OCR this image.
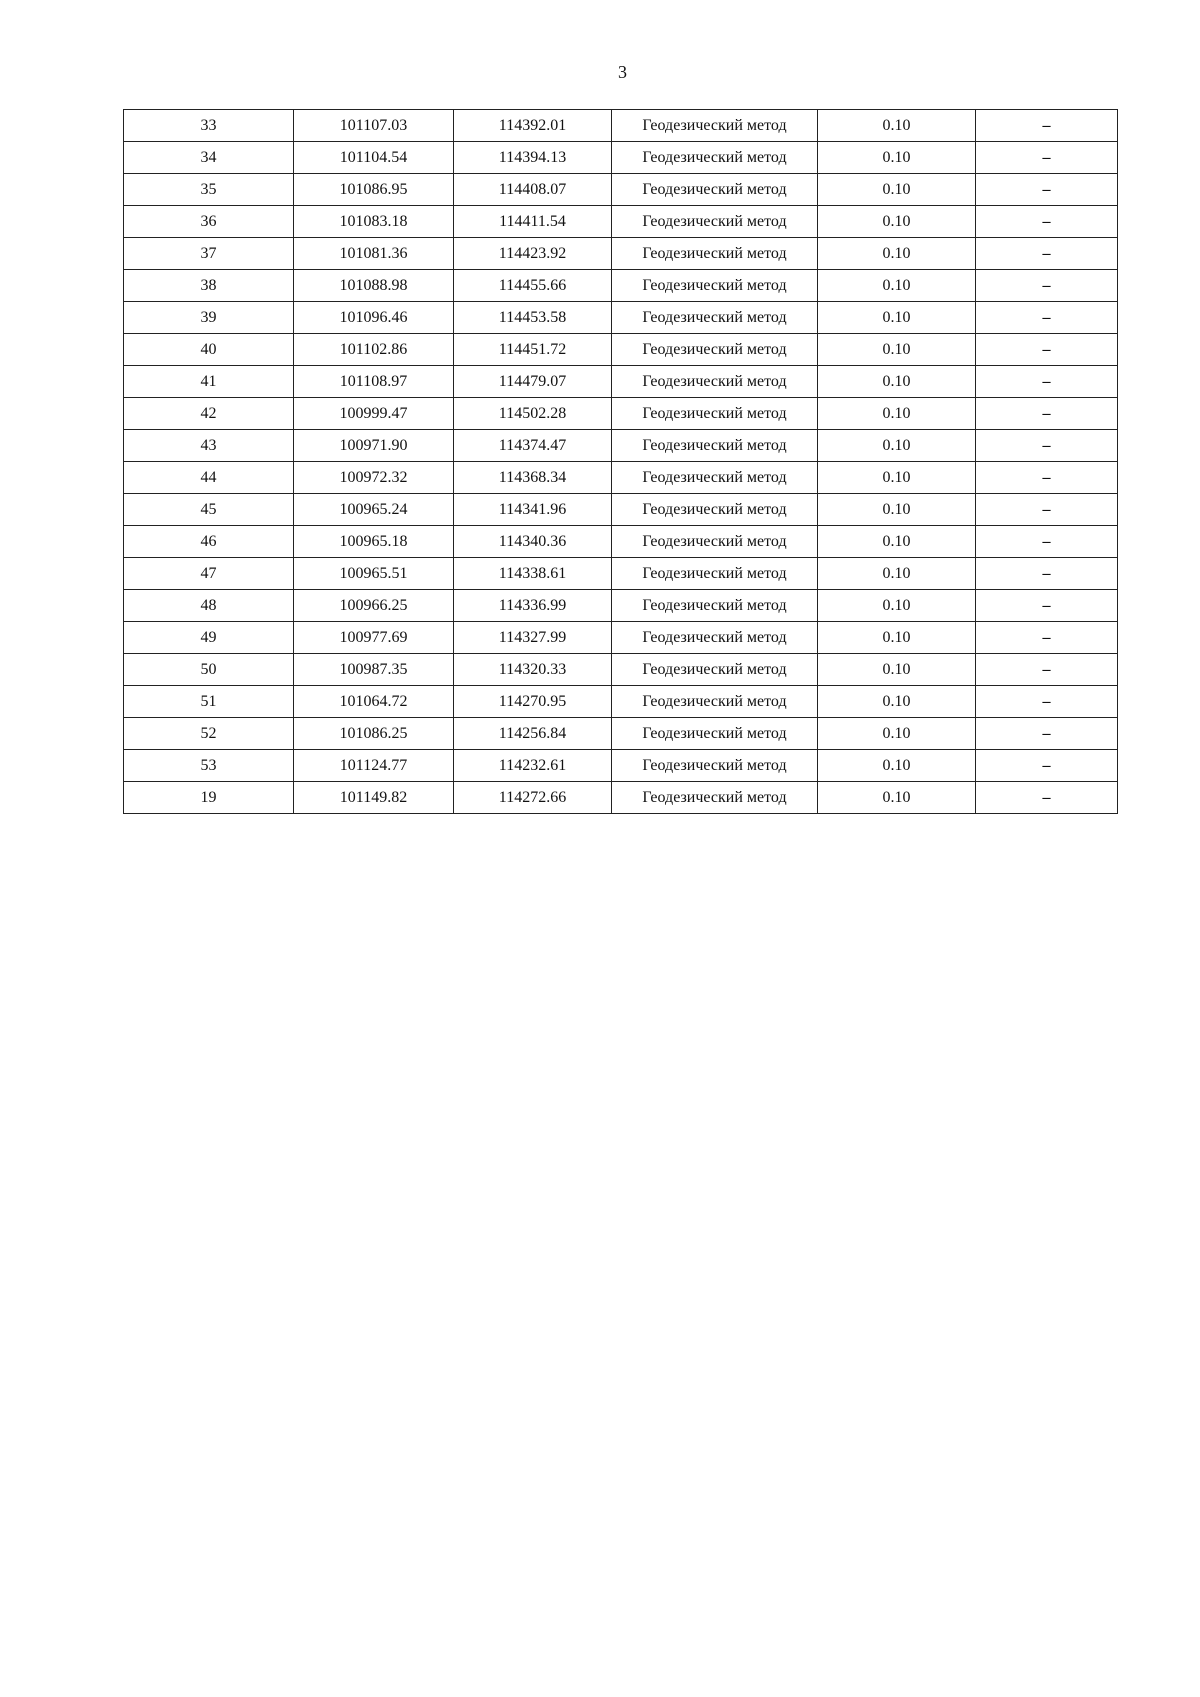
3
33	101107.03	114392.01	Геодезический метод	0.10	–
34	101104.54	114394.13	Геодезический метод	0.10	–
35	101086.95	114408.07	Геодезический метод	0.10	–
36	101083.18	114411.54	Геодезический метод	0.10	–
37	101081.36	114423.92	Геодезический метод	0.10	–
38	101088.98	114455.66	Геодезический метод	0.10	–
39	101096.46	114453.58	Геодезический метод	0.10	–
40	101102.86	114451.72	Геодезический метод	0.10	–
41	101108.97	114479.07	Геодезический метод	0.10	–
42	100999.47	114502.28	Геодезический метод	0.10	–
43	100971.90	114374.47	Геодезический метод	0.10	–
44	100972.32	114368.34	Геодезический метод	0.10	–
45	100965.24	114341.96	Геодезический метод	0.10	–
46	100965.18	114340.36	Геодезический метод	0.10	–
47	100965.51	114338.61	Геодезический метод	0.10	–
48	100966.25	114336.99	Геодезический метод	0.10	–
49	100977.69	114327.99	Геодезический метод	0.10	–
50	100987.35	114320.33	Геодезический метод	0.10	–
51	101064.72	114270.95	Геодезический метод	0.10	–
52	101086.25	114256.84	Геодезический метод	0.10	–
53	101124.77	114232.61	Геодезический метод	0.10	–
19	101149.82	114272.66	Геодезический метод	0.10	–
